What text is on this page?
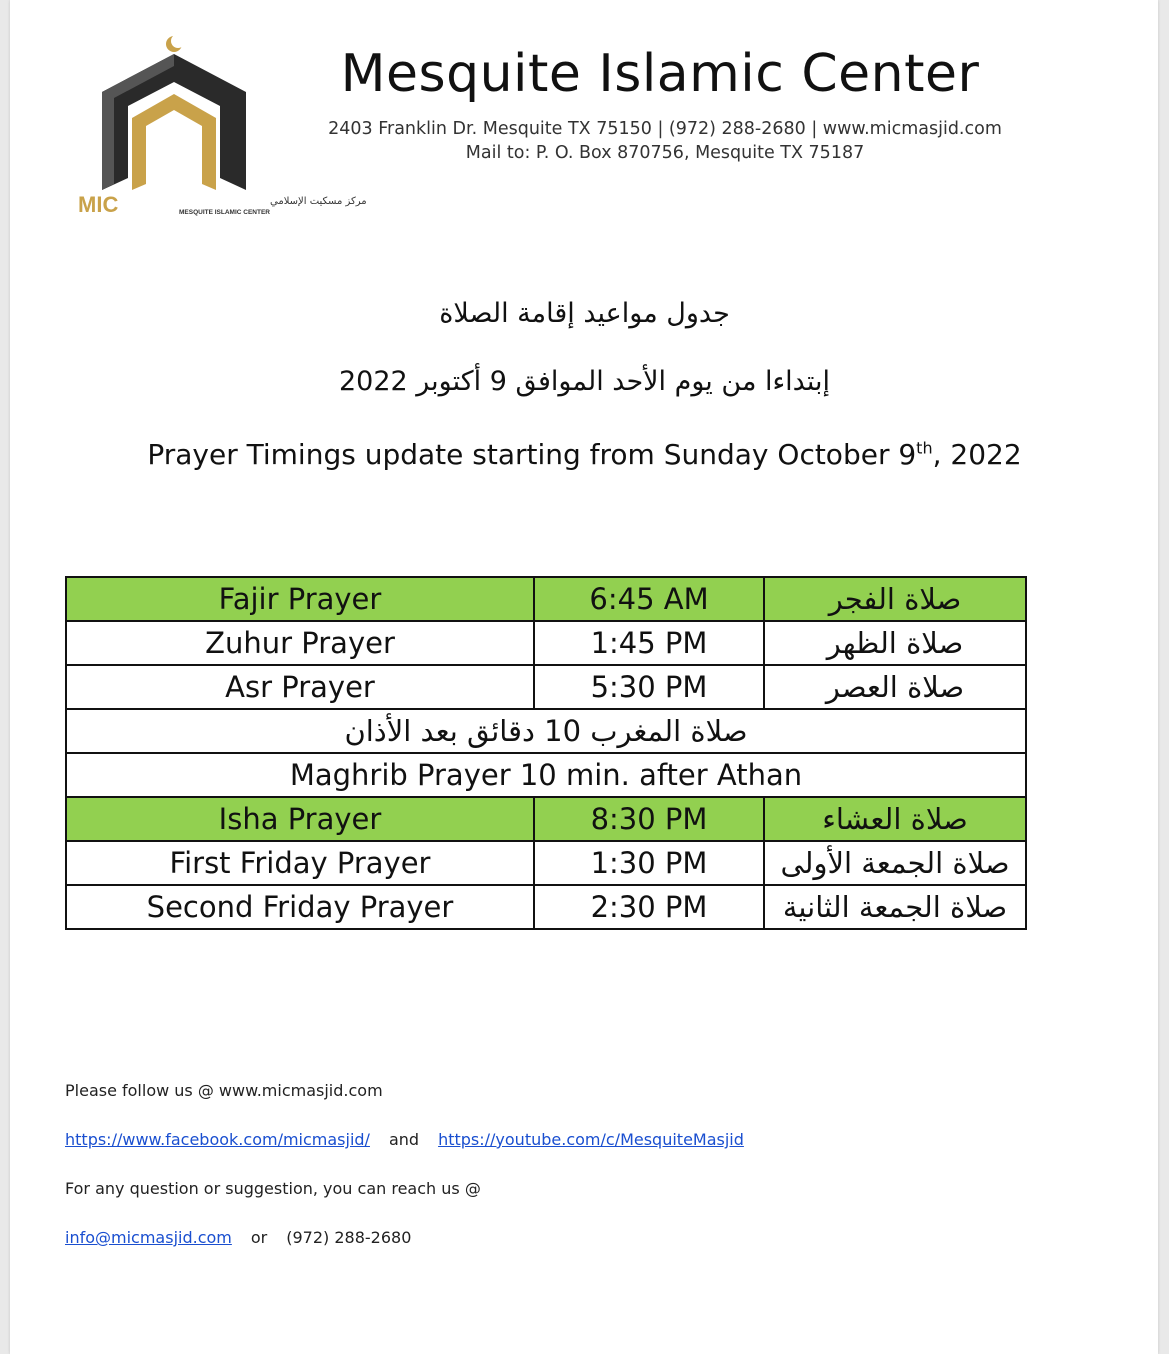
MIC	مركز مسكيت الإسلامي
MESQUITE ISLAMIC CENTER
Mesquite Islamic Center
2403 Franklin Dr. Mesquite TX 75150 | (972) 288-2680 | www.micmasjid.com
Mail to: P. O. Box 870756, Mesquite TX 75187
جدول مواعيد إقامة الصلاة
إبتداءا من يوم الأحد الموافق 9 أكتوبر 2022
Prayer Timings update starting from Sunday October 9th, 2022
Fajir Prayer	6:45 AM	صلاة الفجر
Zuhur Prayer	1:45 PM	صلاة الظهر
Asr Prayer	5:30 PM	صلاة العصر
صلاة المغرب 10 دقائق بعد الأذان		
Maghrib Prayer 10 min. after Athan		
Isha Prayer	8:30 PM	صلاة العشاء
First Friday Prayer	1:30 PM	صلاة الجمعة الأولى
Second Friday Prayer	2:30 PM	صلاة الجمعة الثانية
Please follow us @ www.micmasjid.com
https://www.facebook.com/micmasjid/ and https://youtube.com/c/MesquiteMasjid
For any question or suggestion, you can reach us @
info@micmasjid.com or (972) 288-2680
